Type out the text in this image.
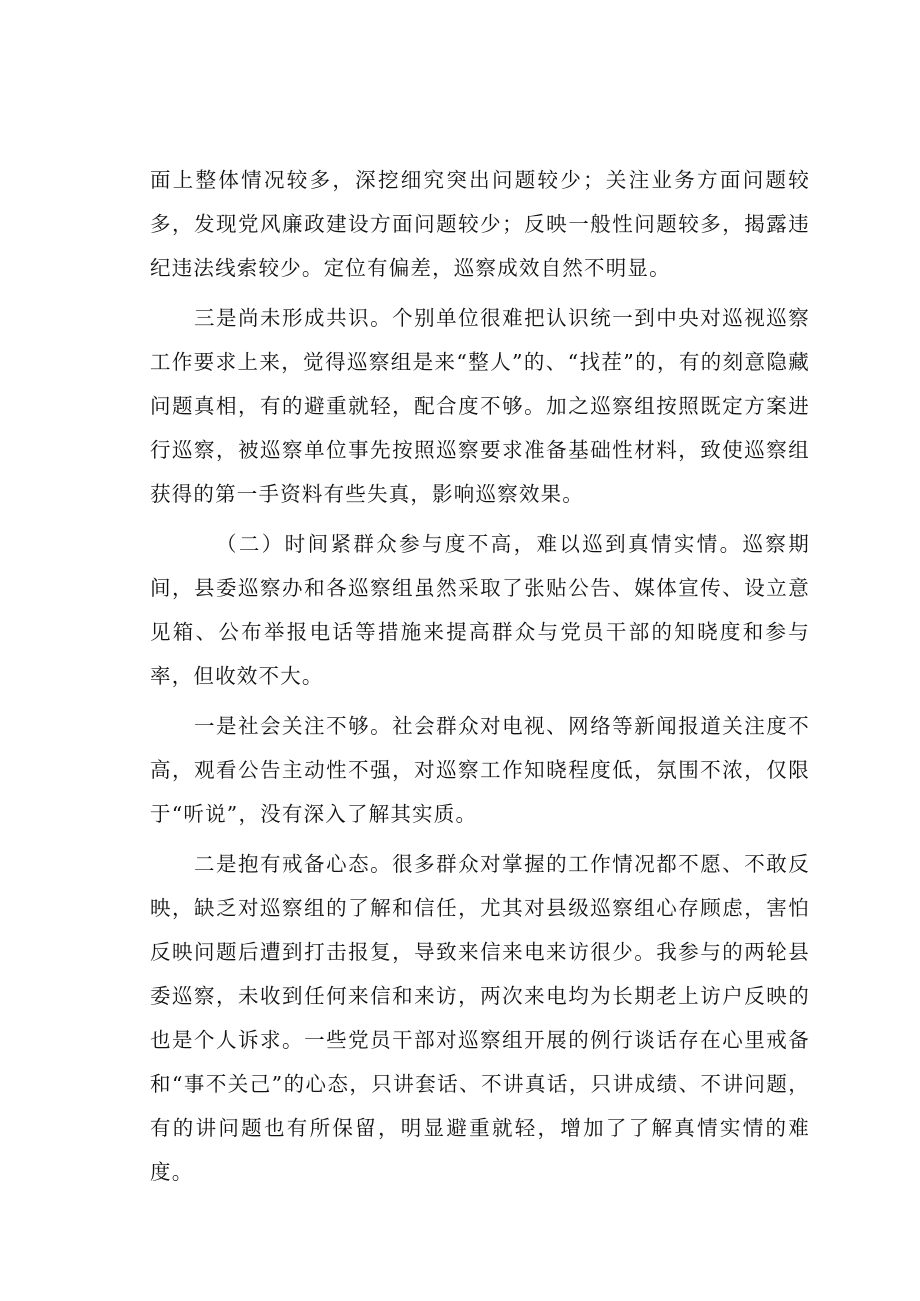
面上整体情况较多，深挖细究突出问题较少；关注业务方面问题较多，发现党风廉政建设方面问题较少；反映一般性问题较多，揭露违纪违法线索较少。定位有偏差，巡察成效自然不明显。

三是尚未形成共识。个别单位很难把认识统一到中央对巡视巡察工作要求上来，觉得巡察组是来“整人”的、“找茬”的，有的刻意隐藏问题真相，有的避重就轻，配合度不够。加之巡察组按照既定方案进行巡察，被巡察单位事先按照巡察要求准备基础性材料，致使巡察组获得的第一手资料有些失真，影响巡察效果。

（二）时间紧群众参与度不高，难以巡到真情实情。巡察期间，县委巡察办和各巡察组虽然采取了张贴公告、媒体宣传、设立意见箱、公布举报电话等措施来提高群众与党员干部的知晓度和参与率，但收效不大。

一是社会关注不够。社会群众对电视、网络等新闻报道关注度不高，观看公告主动性不强，对巡察工作知晓程度低，氛围不浓，仅限于“听说”，没有深入了解其实质。

二是抱有戒备心态。很多群众对掌握的工作情况都不愿、不敢反映，缺乏对巡察组的了解和信任，尤其对县级巡察组心存顾虑，害怕反映问题后遭到打击报复，导致来信来电来访很少。我参与的两轮县委巡察，未收到任何来信和来访，两次来电均为长期老上访户反映的也是个人诉求。一些党员干部对巡察组开展的例行谈话存在心里戒备和“事不关己”的心态，只讲套话、不讲真话，只讲成绩、不讲问题，有的讲问题也有所保留，明显避重就轻，增加了了解真情实情的难度。
